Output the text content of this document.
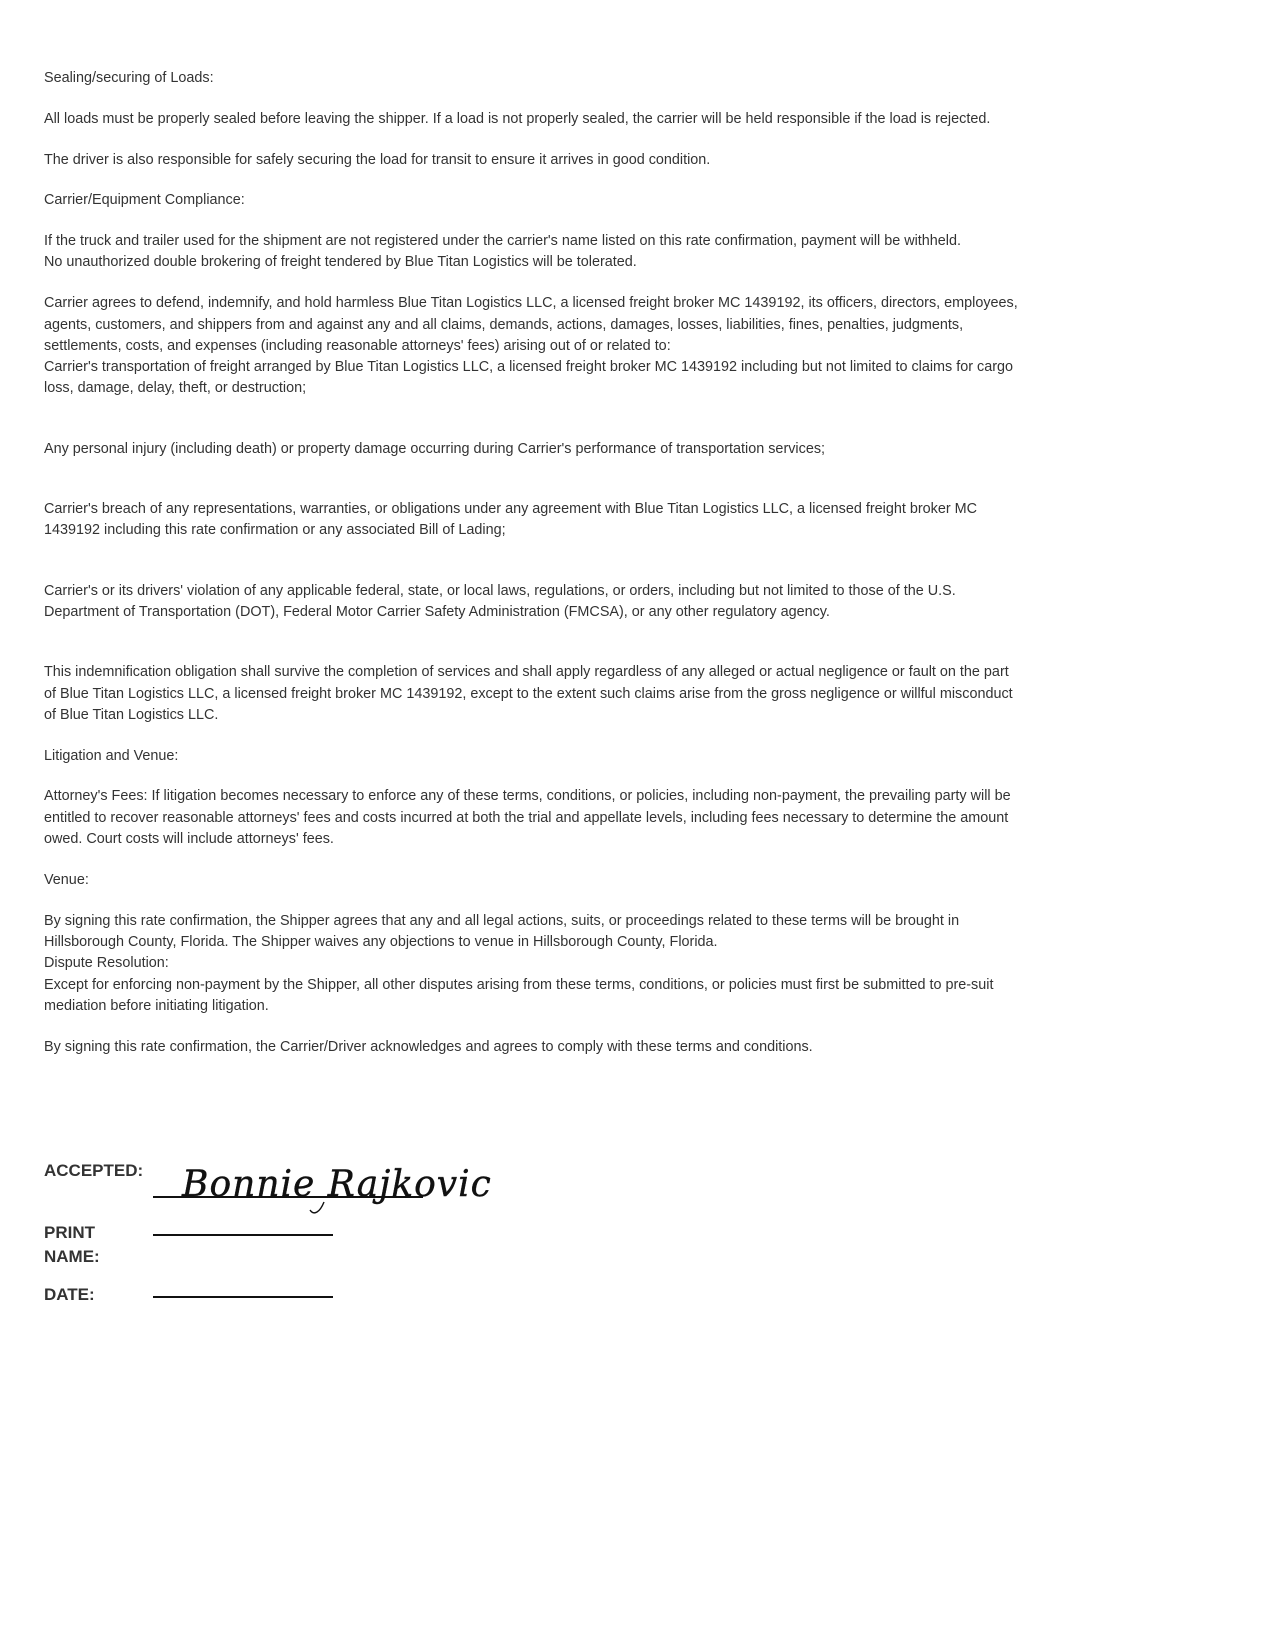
Sealing/securing of Loads:

All loads must be properly sealed before leaving the shipper. If a load is not properly sealed, the carrier will be held responsible if the load is rejected.

The driver is also responsible for safely securing the load for transit to ensure it arrives in good condition.

Carrier/Equipment Compliance:

If the truck and trailer used for the shipment are not registered under the carrier's name listed on this rate confirmation, payment will be withheld.

No unauthorized double brokering of freight tendered by Blue Titan Logistics will be tolerated.

Carrier agrees to defend, indemnify, and hold harmless Blue Titan Logistics LLC, a licensed freight broker MC 1439192, its officers, directors, employees, agents, customers, and shippers from and against any and all claims, demands, actions, damages, losses, liabilities, fines, penalties, judgments, settlements, costs, and expenses (including reasonable attorneys' fees) arising out of or related to:

Carrier's transportation of freight arranged by Blue Titan Logistics LLC, a licensed freight broker MC 1439192 including but not limited to claims for cargo loss, damage, delay, theft, or destruction;

Any personal injury (including death) or property damage occurring during Carrier's performance of transportation services;

Carrier's breach of any representations, warranties, or obligations under any agreement with Blue Titan Logistics LLC, a licensed freight broker MC 1439192 including this rate confirmation or any associated Bill of Lading;

Carrier's or its drivers' violation of any applicable federal, state, or local laws, regulations, or orders, including but not limited to those of the U.S. Department of Transportation (DOT), Federal Motor Carrier Safety Administration (FMCSA), or any other regulatory agency.

This indemnification obligation shall survive the completion of services and shall apply regardless of any alleged or actual negligence or fault on the part of Blue Titan Logistics LLC, a licensed freight broker MC 1439192, except to the extent such claims arise from the gross negligence or willful misconduct of Blue Titan Logistics LLC.

Litigation and Venue:

Attorney's Fees: If litigation becomes necessary to enforce any of these terms, conditions, or policies, including non-payment, the prevailing party will be entitled to recover reasonable attorneys' fees and costs incurred at both the trial and appellate levels, including fees necessary to determine the amount owed. Court costs will include attorneys' fees.

Venue:

By signing this rate confirmation, the Shipper agrees that any and all legal actions, suits, or proceedings related to these terms will be brought in Hillsborough County, Florida. The Shipper waives any objections to venue in Hillsborough County, Florida.

Dispute Resolution:

Except for enforcing non-payment by the Shipper, all other disputes arising from these terms, conditions, or policies must first be submitted to pre-suit mediation before initiating litigation.

By signing this rate confirmation, the Carrier/Driver acknowledges and agrees to comply with these terms and conditions.

ACCEPTED: Bonnie Rajkovic
PRINT
NAME:
DATE:
